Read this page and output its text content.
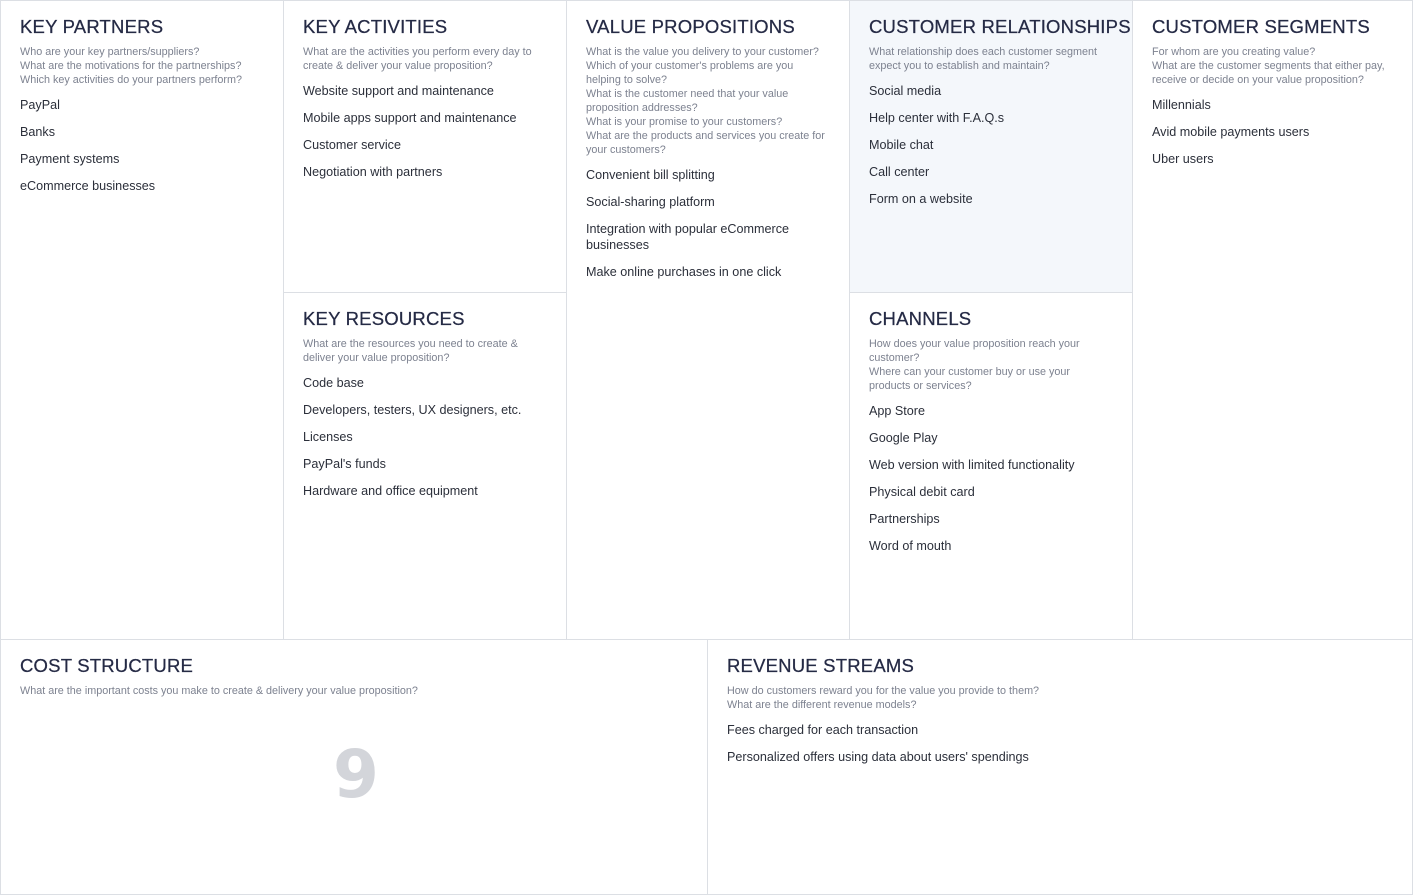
KEY PARTNERS

Who are your key partners/suppliers?
What are the motivations for the partnerships?
Which key activities do your partners perform?

PayPal
Banks
Payment systems
eCommerce businesses
KEY ACTIVITIES

What are the activities you perform every day to create & deliver your value proposition?

Website support and maintenance
Mobile apps support and maintenance
Customer service
Negotiation with partners
KEY RESOURCES

What are the resources you need to create & deliver your value proposition?

Code base
Developers, testers, UX designers, etc.
Licenses
PayPal's funds
Hardware and office equipment
VALUE PROPOSITIONS

What is the value you delivery to your customer?
Which of your customer's problems are you helping to solve?
What is the customer need that your value proposition addresses?
What is your promise to your customers?
What are the products and services you create for your customers?

Convenient bill splitting
Social-sharing platform
Integration with popular eCommerce businesses
Make online purchases in one click
CUSTOMER RELATIONSHIPS

What relationship does each customer segment expect you to establish and maintain?

Social media
Help center with F.A.Q.s
Mobile chat
Call center
Form on a website
CHANNELS

How does your value proposition reach your customer?
Where can your customer buy or use your products or services?

App Store
Google Play
Web version with limited functionality
Physical debit card
Partnerships
Word of mouth
CUSTOMER SEGMENTS

For whom are you creating value?
What are the customer segments that either pay, receive or decide on your value proposition?

Millennials
Avid mobile payments users
Uber users
COST STRUCTURE

What are the important costs you make to create & delivery your value proposition?

9
REVENUE STREAMS

How do customers reward you for the value you provide to them?
What are the different revenue models?

Fees charged for each transaction
Personalized offers using data about users' spendings
